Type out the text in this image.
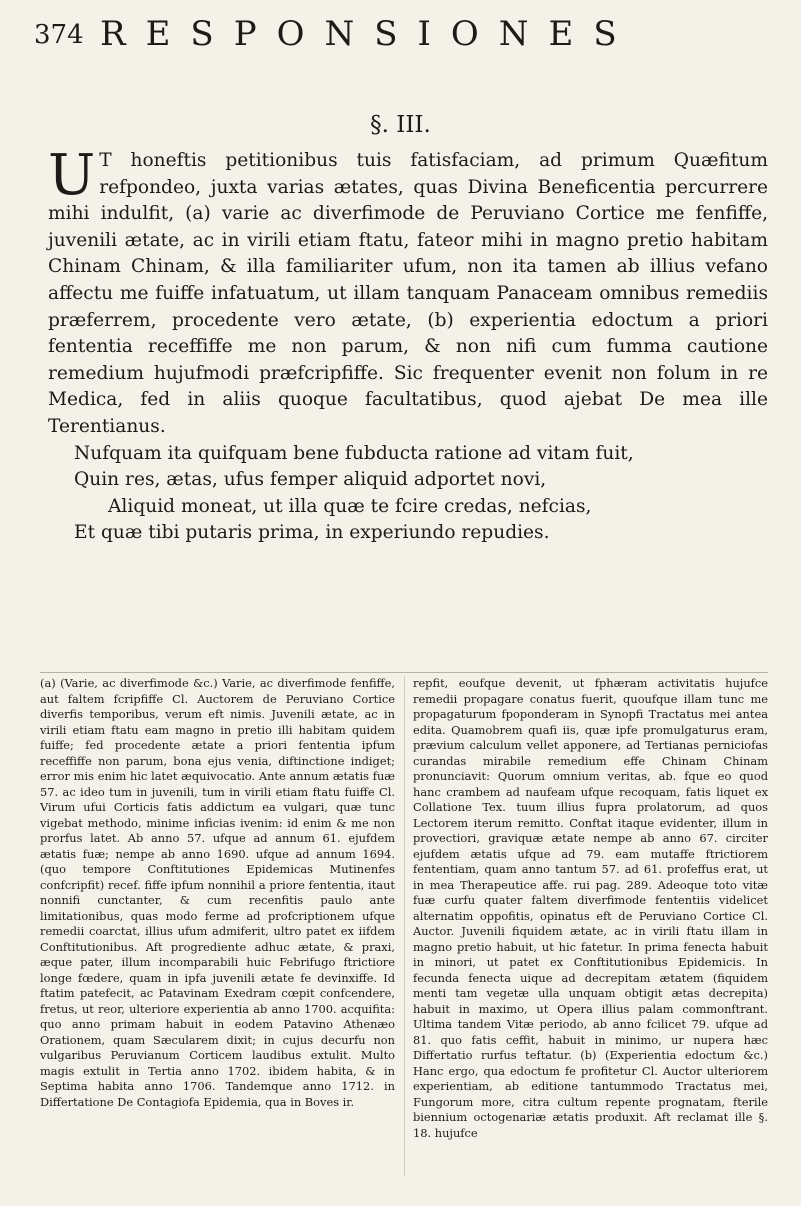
374 RESPONSIONES
§. III.

U T honeftis petitionibus tuis fatisfaciam, ad primum Quæfitum refpondeo, juxta varias ætates, quas Divina Beneficentia percurrere mihi indulfit, (a) varie ac diverfimode de Peruviano Cortice me fenfiffe, juvenili ætate, ac in virili etiam ftatu, fateor mihi in magno pretio habitam Chinam Chinam, & illa familiariter ufum, non ita tamen ab illius vefano affectu me fuiffe infatuatum, ut illam tanquam Panaceam omnibus remediis præferrem, procedente vero ætate, (b) experientia edoctum a priori fententia receffiffe me non parum, & non nifi cum fumma cautione remedium hujufmodi præfcripfiffe. Sic frequenter evenit non folum in re Medica, fed in aliis quoque facultatibus, quod ajebat De mea ille Terentianus.

Nufquam ita quifquam bene fubducta ratione ad vitam fuit,

Quin res, ætas, ufus femper aliquid adportet novi,

Aliquid moneat, ut illa quæ te fcire credas, nefcias,

Et quæ tibi putaris prima, in experiundo repudies.

(a) (Varie, ac diverfimode &c.) Varie, ac diverfimode fenfiffe, aut faltem fcripfiffe Cl. Auctorem de Peruviano Cortice diverfis temporibus, verum eft nimis. Juvenili ætate, ac in virili etiam ftatu eam magno in pretio illi habitam quidem fuiffe; fed procedente ætate a priori fententia ipfum receffiffe non parum, bona ejus venia, diftinctione indiget; error mis enim hic latet æquivocatio. Ante annum ætatis fuæ 57. ac ideo tum in juvenili, tum in virili etiam ftatu fuiffe Cl. Virum ufui Corticis fatis addictum ea vulgari, quæ tunc vigebat methodo, minime inficias ivenim: id enim & me non prorfus latet. Ab anno 57. ufque ad annum 61. ejufdem ætatis fuæ; nempe ab anno 1690. ufque ad annum 1694. (quo tempore Conftitutiones Epidemicas Mutinenfes confcripfit) recef. fiffe ipfum nonnihil a priore fententia, itaut nonnifi cunctanter, & cum recenfitis paulo ante limitationibus, quas modo ferme ad profcriptionem ufque remedii coarctat, illius ufum admiferit, ultro patet ex iifdem Conftitutionibus. Aft progrediente adhuc ætate, & praxi, æque pater, illum incomparabili huic Febrifugo ftrictiore longe fœdere, quam in ipfa juvenili ætate fe devinxiffe. Id ftatim patefecit, ac Patavinam Exedram cœpit confcendere, fretus, ut reor, ulteriore experientia ab anno 1700. acquifita: quo anno primam habuit in eodem Patavino Athenæo Orationem, quam Sæcularem dixit; in cujus decurfu non vulgaribus Peruvianum Corticem laudibus extulit. Multo magis extulit in Tertia anno 1702. ibidem habita, & in Septima habita anno 1706. Tandemque anno 1712. in Differtatione De Contagiofa Epidemia, qua in Boves ir.

repfit, eoufque devenit, ut fphæram activitatis hujufce remedii propagare conatus fuerit, quoufque illam tunc me propagaturum fpoponderam in Synopfi Tractatus mei antea edita. Quamobrem quafi iis, quæ ipfe promulgaturus eram, prævium calculum vellet apponere, ad Tertianas perniciofas curandas mirabile remedium effe Chinam Chinam pronunciavit: Quorum omnium veritas, ab. fque eo quod hanc crambem ad naufeam ufque recoquam, fatis liquet ex Collatione Tex. tuum illius fupra prolatorum, ad quos Lectorem iterum remitto. Conftat itaque evidenter, illum in provectiori, graviquæ ætate nempe ab anno 67. circiter ejufdem ætatis ufque ad 79. eam mutaffe ftrictiorem fententiam, quam anno tantum 57. ad 61. profeffus erat, ut in mea Therapeutice affe. rui pag. 289. Adeoque toto vitæ fuæ curfu quater faltem diverfimode fententiis videlicet alternatim oppofitis, opinatus eft de Peruviano Cortice Cl. Auctor. Juvenili fiquidem ætate, ac in virili ftatu illam in magno pretio habuit, ut hic fatetur. In prima fenecta habuit in minori, ut patet ex Conftitutionibus Epidemicis. In fecunda fenecta uique ad decrepitam ætatem (fiquidem menti tam vegetæ ulla unquam obtigit ætas decrepita) habuit in maximo, ut Opera illius palam commonftrant. Ultima tandem Vitæ periodo, ab anno fcilicet 79. ufque ad 81. quo fatis ceffit, habuit in minimo, ur nupera hæc Differtatio rurfus teftatur. (b) (Experientia edoctum &c.) Hanc ergo, qua edoctum fe profitetur Cl. Auctor ulteriorem experientiam, ab editione tantummodo Tractatus mei, Fungorum more, citra cultum repente prognatam, fterile biennium octogenariæ ætatis produxit. Aft reclamat ille §. 18. hujufce
